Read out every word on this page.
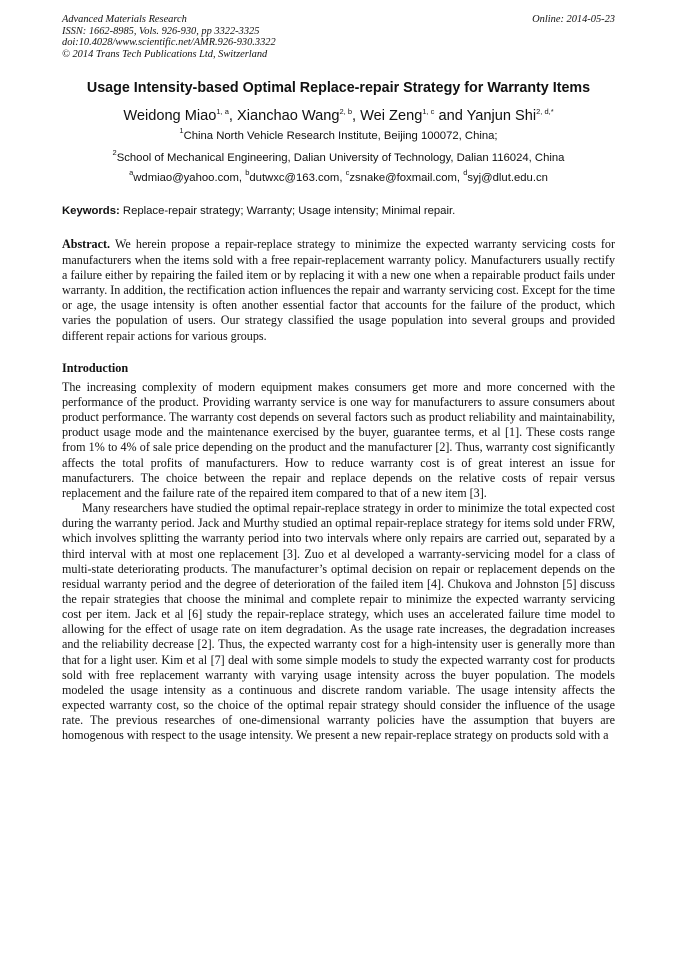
Advanced Materials Research
ISSN: 1662-8985, Vols. 926-930, pp 3322-3325
doi:10.4028/www.scientific.net/AMR.926-930.3322
© 2014 Trans Tech Publications Ltd, Switzerland
Online: 2014-05-23
Usage Intensity-based Optimal Replace-repair Strategy for Warranty Items
Weidong Miao$^{1, a}$, Xianchao Wang$^{2, b}$, Wei Zeng$^{1, c}$ and Yanjun Shi$^{2, d,*}$
$^1$China North Vehicle Research Institute, Beijing 100072, China;
$^2$School of Mechanical Engineering, Dalian University of Technology, Dalian 116024, China
$^a$wdmiao@yahoo.com, $^b$dutwxc@163.com, $^c$zsnake@foxmail.com, $^d$syj@dlut.edu.cn
Keywords: Replace-repair strategy; Warranty; Usage intensity; Minimal repair.
Abstract. We herein propose a repair-replace strategy to minimize the expected warranty servicing costs for manufacturers when the items sold with a free repair-replacement warranty policy. Manufacturers usually rectify a failure either by repairing the failed item or by replacing it with a new one when a repairable product fails under warranty. In addition, the rectification action influences the repair and warranty servicing cost. Except for the time or age, the usage intensity is often another essential factor that accounts for the failure of the product, which varies the population of users. Our strategy classified the usage population into several groups and provided different repair actions for various groups.
Introduction

The increasing complexity of modern equipment makes consumers get more and more concerned with the performance of the product. Providing warranty service is one way for manufacturers to assure consumers about product performance. The warranty cost depends on several factors such as product reliability and maintainability, product usage mode and the maintenance exercised by the buyer, guarantee terms, et al [1]. These costs range from 1% to 4% of sale price depending on the product and the manufacturer [2]. Thus, warranty cost significantly affects the total profits of manufacturers. How to reduce warranty cost is of great interest an issue for manufacturers. The choice between the repair and replace depends on the relative costs of repair versus replacement and the failure rate of the repaired item compared to that of a new item [3].

Many researchers have studied the optimal repair-replace strategy in order to minimize the total expected cost during the warranty period. Jack and Murthy studied an optimal repair-replace strategy for items sold under FRW, which involves splitting the warranty period into two intervals where only repairs are carried out, separated by a third interval with at most one replacement [3]. Zuo et al developed a warranty-servicing model for a class of multi-state deteriorating products. The manufacturer’s optimal decision on repair or replacement depends on the residual warranty period and the degree of deterioration of the failed item [4]. Chukova and Johnston [5] discuss the repair strategies that choose the minimal and complete repair to minimize the expected warranty servicing cost per item. Jack et al [6] study the repair-replace strategy, which uses an accelerated failure time model to allowing for the effect of usage rate on item degradation. As the usage rate increases, the degradation increases and the reliability decrease [2]. Thus, the expected warranty cost for a high-intensity user is generally more than that for a light user. Kim et al [7] deal with some simple models to study the expected warranty cost for products sold with free replacement warranty with varying usage intensity across the buyer population. The models modeled the usage intensity as a continuous and discrete random variable. The usage intensity affects the expected warranty cost, so the choice of the optimal repair strategy should consider the influence of the usage rate. The previous researches of one-dimensional warranty policies have the assumption that buyers are homogenous with respect to the usage intensity. We present a new repair-replace strategy on products sold with a
